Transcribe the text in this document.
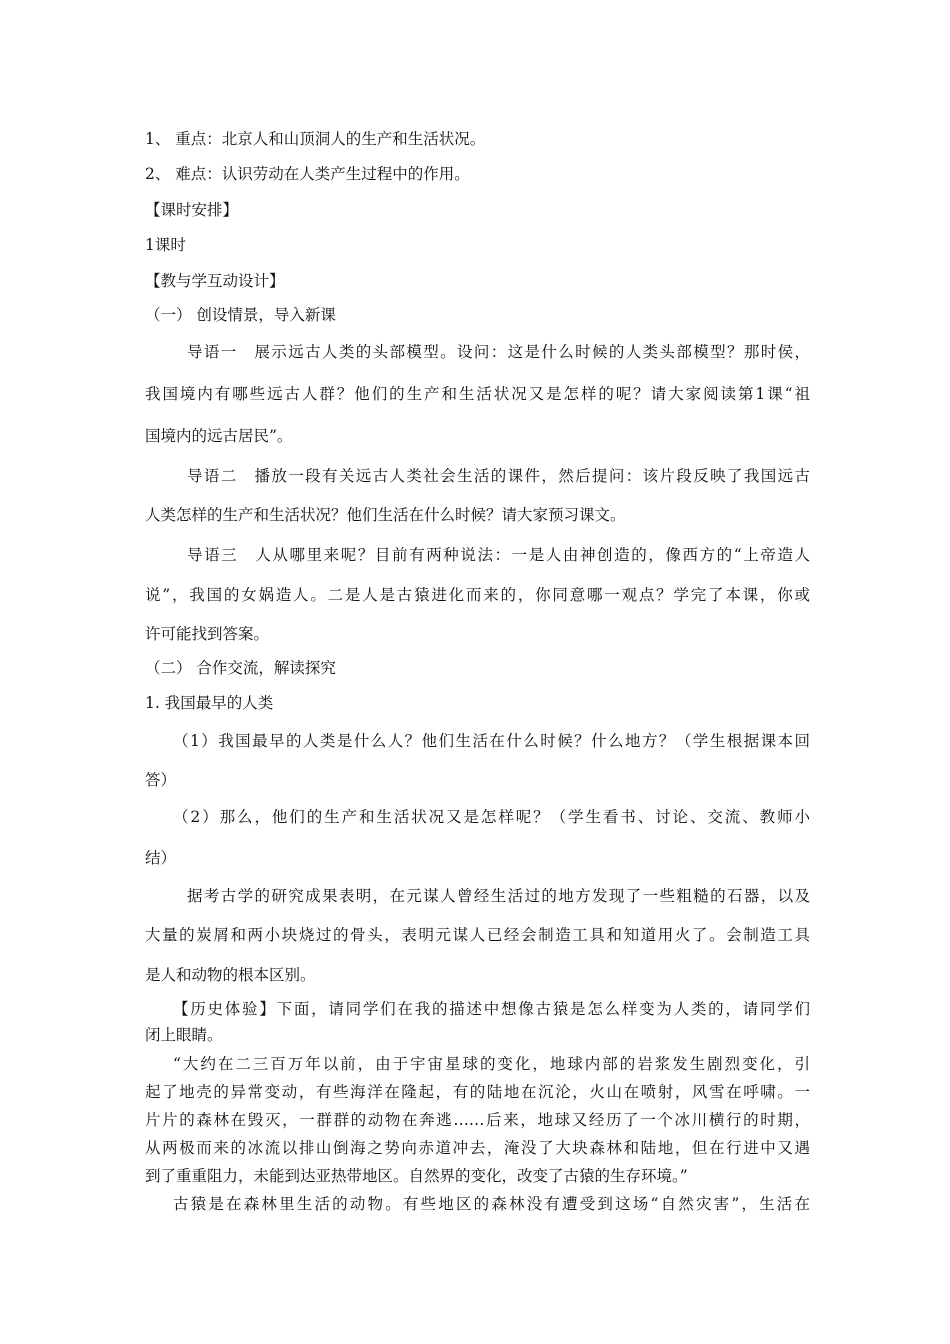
1、 重点：北京人和山顶洞人的生产和生活状况。
2、 难点：认识劳动在人类产生过程中的作用。
【课时安排】
1课时
【教与学互动设计】
（一） 创设情景，导入新课
导语一　展示远古人类的头部模型。设问：这是什么时候的人类头部模型？那时侯，
我国境内有哪些远古人群？他们的生产和生活状况又是怎样的呢？请大家阅读第1课“祖
国境内的远古居民”。
导语二　播放一段有关远古人类社会生活的课件，然后提问：该片段反映了我国远古
人类怎样的生产和生活状况？他们生活在什么时候？请大家预习课文。
导语三　人从哪里来呢？目前有两种说法：一是人由神创造的，像西方的“上帝造人
说”，我国的女娲造人。二是人是古猿进化而来的，你同意哪一观点？学完了本课，你或
许可能找到答案。
（二） 合作交流，解读探究
1. 我国最早的人类
（1）我国最早的人类是什么人？他们生活在什么时候？什么地方？（学生根据课本回
答）
（2）那么，他们的生产和生活状况又是怎样呢？（学生看书、讨论、交流、教师小
结）
据考古学的研究成果表明，在元谋人曾经生活过的地方发现了一些粗糙的石器，以及
大量的炭屑和两小块烧过的骨头，表明元谋人已经会制造工具和知道用火了。会制造工具
是人和动物的根本区别。
【历史体验】下面，请同学们在我的描述中想像古猿是怎么样变为人类的，请同学们
闭上眼睛。
“大约在二三百万年以前，由于宇宙星球的变化，地球内部的岩浆发生剧烈变化，引
起了地壳的异常变动，有些海洋在隆起，有的陆地在沉沦，火山在喷射，风雪在呼啸。一
片片的森林在毁灭，一群群的动物在奔逃……后来，地球又经历了一个冰川横行的时期，
从两极而来的冰流以排山倒海之势向赤道冲去，淹没了大块森林和陆地，但在行进中又遇
到了重重阻力，未能到达亚热带地区。自然界的变化，改变了古猿的生存环境。”
古猿是在森林里生活的动物。有些地区的森林没有遭受到这场“自然灾害”，生活在
